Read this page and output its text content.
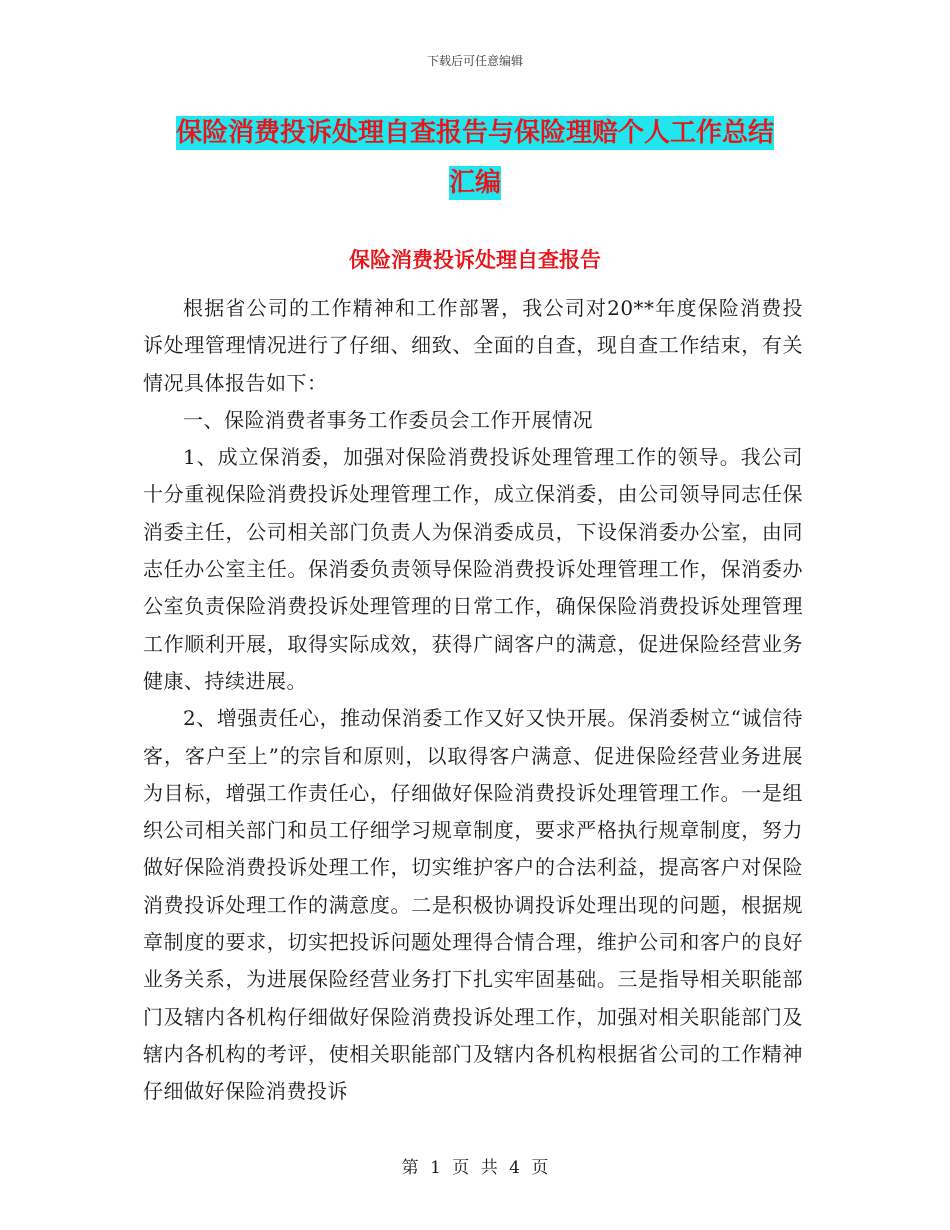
下载后可任意编辑
保险消费投诉处理自查报告与保险理赔个人工作总结
汇编
保险消费投诉处理自查报告

根据省公司的工作精神和工作部署，我公司对20**年度保险消费投诉处理管理情况进行了仔细、细致、全面的自查，现自查工作结束，有关情况具体报告如下：

一、保险消费者事务工作委员会工作开展情况

1、成立保消委，加强对保险消费投诉处理管理工作的领导。我公司十分重视保险消费投诉处理管理工作，成立保消委，由公司领导同志任保消委主任，公司相关部门负责人为保消委成员，下设保消委办公室，由同志任办公室主任。保消委负责领导保险消费投诉处理管理工作，保消委办公室负责保险消费投诉处理管理的日常工作，确保保险消费投诉处理管理工作顺利开展，取得实际成效，获得广阔客户的满意，促进保险经营业务健康、持续进展。

2、增强责任心，推动保消委工作又好又快开展。保消委树立“诚信待客，客户至上”的宗旨和原则，以取得客户满意、促进保险经营业务进展为目标，增强工作责任心，仔细做好保险消费投诉处理管理工作。一是组织公司相关部门和员工仔细学习规章制度，要求严格执行规章制度，努力做好保险消费投诉处理工作，切实维护客户的合法利益，提高客户对保险消费投诉处理工作的满意度。二是积极协调投诉处理出现的问题，根据规章制度的要求，切实把投诉问题处理得合情合理，维护公司和客户的良好业务关系，为进展保险经营业务打下扎实牢固基础。三是指导相关职能部门及辖内各机构仔细做好保险消费投诉处理工作，加强对相关职能部门及辖内各机构的考评，使相关职能部门及辖内各机构根据省公司的工作精神仔细做好保险消费投诉

第 1 页 共 4 页
